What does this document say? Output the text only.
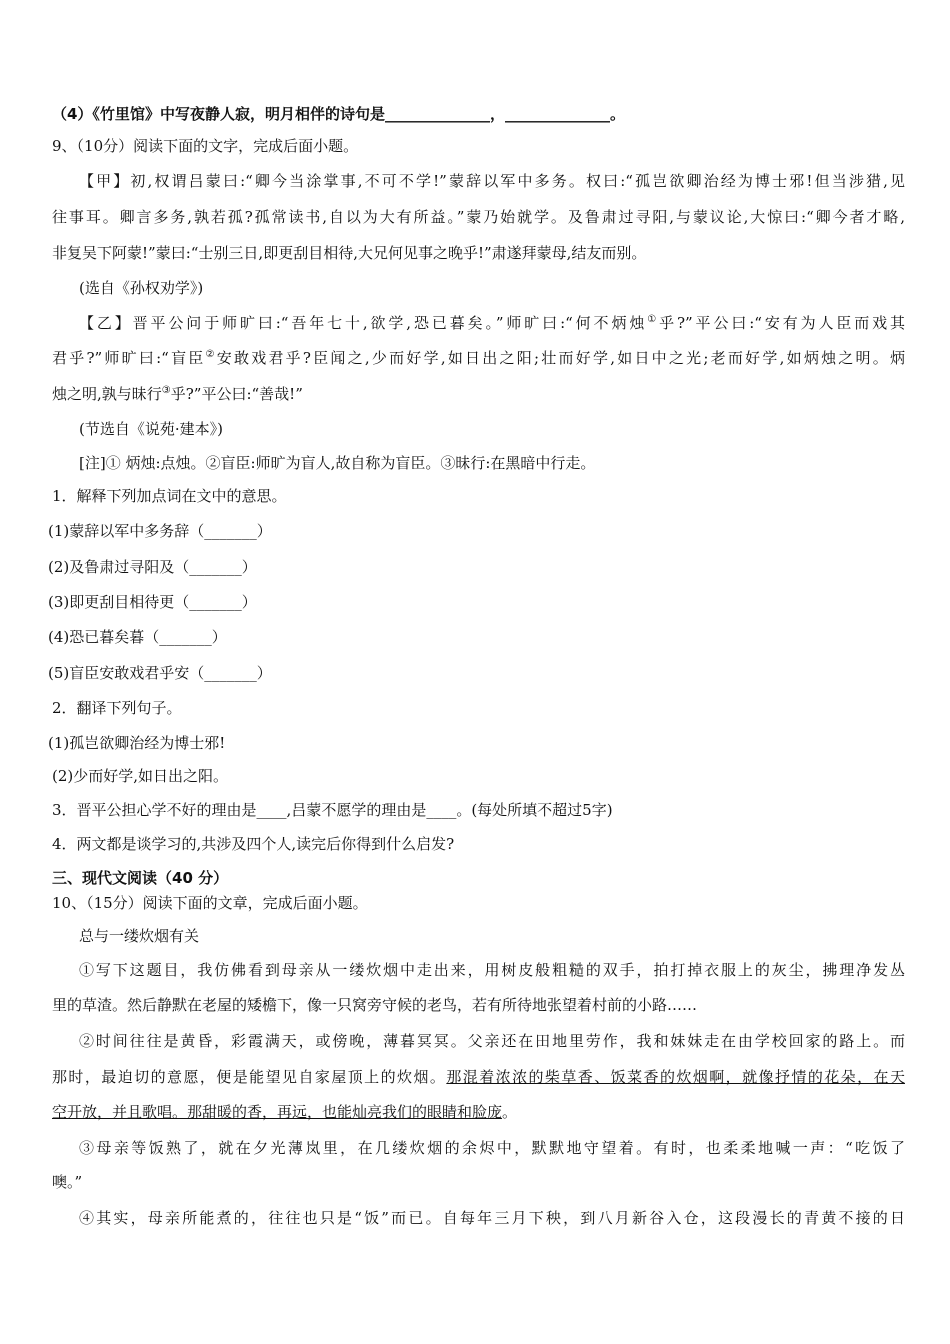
（4）《竹里馆》中写夜静人寂，明月相伴的诗句是______________，______________。
9、（10分）阅读下面的文字，完成后面小题。
【甲】初,权谓吕蒙曰:“卿今当涂掌事,不可不学!”蒙辞以军中多务。权曰:“孤岂欲卿治经为博士邪!但当涉猎,见
往事耳。卿言多务,孰若孤?孤常读书,自以为大有所益。”蒙乃始就学。及鲁肃过寻阳,与蒙议论,大惊曰:“卿今者才略,
非复吴下阿蒙!”蒙曰:“士别三日,即更刮目相待,大兄何见事之晚乎!”肃遂拜蒙母,结友而别。
(选自《孙权劝学》)
【乙】晋平公问于师旷曰:“吾年七十,欲学,恐已暮矣。”师旷曰:“何不炳烛①乎?”平公曰:“安有为人臣而戏其
君乎?”师旷曰:“盲臣②安敢戏君乎?臣闻之,少而好学,如日出之阳;壮而好学,如日中之光;老而好学,如炳烛之明。炳
烛之明,孰与昧行③乎?”平公曰:“善哉!”
(节选自《说苑·建本》)
[注]① 炳烛:点烛。②盲臣:师旷为盲人,故自称为盲臣。③昧行:在黑暗中行走。
1．解释下列加点词在文中的意思。
(1)蒙辞以军中多务辞（_______）
(2)及鲁肃过寻阳及（_______）
(3)即更刮目相待更（_______）
(4)恐已暮矣暮（_______）
(5)盲臣安敢戏君乎安（_______）
2．翻译下列句子。
(1)孤岂欲卿治经为博士邪!
(2)少而好学,如日出之阳。
3．晋平公担心学不好的理由是____,吕蒙不愿学的理由是____。(每处所填不超过5字)
4．两文都是谈学习的,共涉及四个人,读完后你得到什么启发?
三、现代文阅读（40 分）
10、（15分）阅读下面的文章，完成后面小题。
总与一缕炊烟有关
①写下这题目，我仿佛看到母亲从一缕炊烟中走出来，用树皮般粗糙的双手，拍打掉衣服上的灰尘，拂理净发丛
里的草渣。然后静默在老屋的矮檐下，像一只窝旁守候的老鸟，若有所待地张望着村前的小路……
②时间往往是黄昏，彩霞满天，或傍晚，薄暮冥冥。父亲还在田地里劳作，我和妹妹走在由学校回家的路上。而
那时，最迫切的意愿，便是能望见自家屋顶上的炊烟。那混着浓浓的柴草香、饭菜香的炊烟啊，就像抒情的花朵，在天
空开放，并且歌唱。那甜暖的香，再远，也能灿亮我们的眼睛和脸庞。
③母亲等饭熟了，就在夕光薄岚里，在几缕炊烟的余烬中，默默地守望着。有时，也柔柔地喊一声：“吃饭了
噢。”
④其实，母亲所能煮的，往往也只是“饭”而已。自每年三月下秧，到八月新谷入仓，这段漫长的青黄不接的日
